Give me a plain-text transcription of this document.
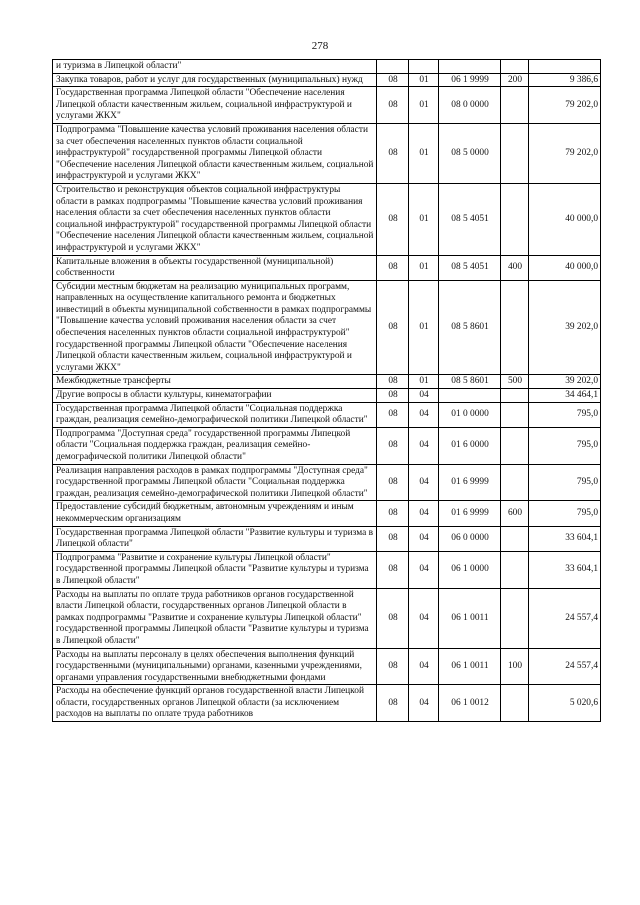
278
и туризма в Липецкой области"					
Закупка товаров, работ и услуг для государственных (муниципальных) нужд	08	01	06 1 9999	200	9 386,6
Государственная программа Липецкой области "Обеспечение населения Липецкой области качественным жильем, социальной инфраструктурой и услугами ЖКХ"	08	01	08 0 0000		79 202,0
Подпрограмма "Повышение качества условий проживания населения области за счет обеспечения населенных пунктов области социальной инфраструктурой" государственной программы Липецкой области "Обеспечение населения Липецкой области качественным жильем, социальной инфраструктурой и услугами ЖКХ"	08	01	08 5 0000		79 202,0
Строительство и реконструкция объектов социальной инфраструктуры области в рамках подпрограммы "Повышение качества условий проживания населения области за счет обеспечения населенных пунктов области социальной инфраструктурой" государственной программы Липецкой области "Обеспечение населения Липецкой области качественным жильем, социальной инфраструктурой и услугами ЖКХ"	08	01	08 5 4051		40 000,0
Капитальные вложения в объекты государственной (муниципальной) собственности	08	01	08 5 4051	400	40 000,0
Субсидии местным бюджетам на реализацию муниципальных программ, направленных на осуществление капитального ремонта и бюджетных инвестиций в объекты муниципальной собственности в рамках подпрограммы "Повышение качества условий проживания населения области за счет обеспечения населенных пунктов области социальной инфраструктурой" государственной программы Липецкой области "Обеспечение населения Липецкой области качественным жильем, социальной инфраструктурой и услугами ЖКХ"	08	01	08 5 8601		39 202,0
Межбюджетные трансферты	08	01	08 5 8601	500	39 202,0
Другие вопросы в области культуры, кинематографии	08	04			34 464,1
Государственная программа Липецкой области "Социальная поддержка граждан, реализация семейно-демографической политики Липецкой области"	08	04	01 0 0000		795,0
Подпрограмма "Доступная среда" государственной программы Липецкой области "Социальная поддержка граждан, реализация семейно-демографической политики Липецкой области"	08	04	01 6 0000		795,0
Реализация направления расходов в рамках подпрограммы "Доступная среда" государственной программы Липецкой области "Социальная поддержка граждан, реализация семейно-демографической политики Липецкой области"	08	04	01 6 9999		795,0
Предоставление субсидий бюджетным, автономным учреждениям и иным некоммерческим организациям	08	04	01 6 9999	600	795,0
Государственная программа Липецкой области "Развитие культуры и туризма в Липецкой области"	08	04	06 0 0000		33 604,1
Подпрограмма "Развитие и сохранение культуры Липецкой области" государственной программы Липецкой области "Развитие культуры и туризма в Липецкой области"	08	04	06 1 0000		33 604,1
Расходы на выплаты по оплате труда работников органов государственной власти Липецкой области, государственных органов Липецкой области в рамках подпрограммы "Развитие и сохранение культуры Липецкой области" государственной программы Липецкой области "Развитие культуры и туризма в Липецкой области"	08	04	06 1 0011		24 557,4
Расходы на выплаты персоналу в целях обеспечения выполнения функций государственными (муниципальными) органами, казенными учреждениями, органами управления государственными внебюджетными фондами	08	04	06 1 0011	100	24 557,4
Расходы на обеспечение функций органов государственной власти Липецкой области, государственных органов Липецкой области (за исключением расходов на выплаты по оплате труда работников	08	04	06 1 0012		5 020,6
